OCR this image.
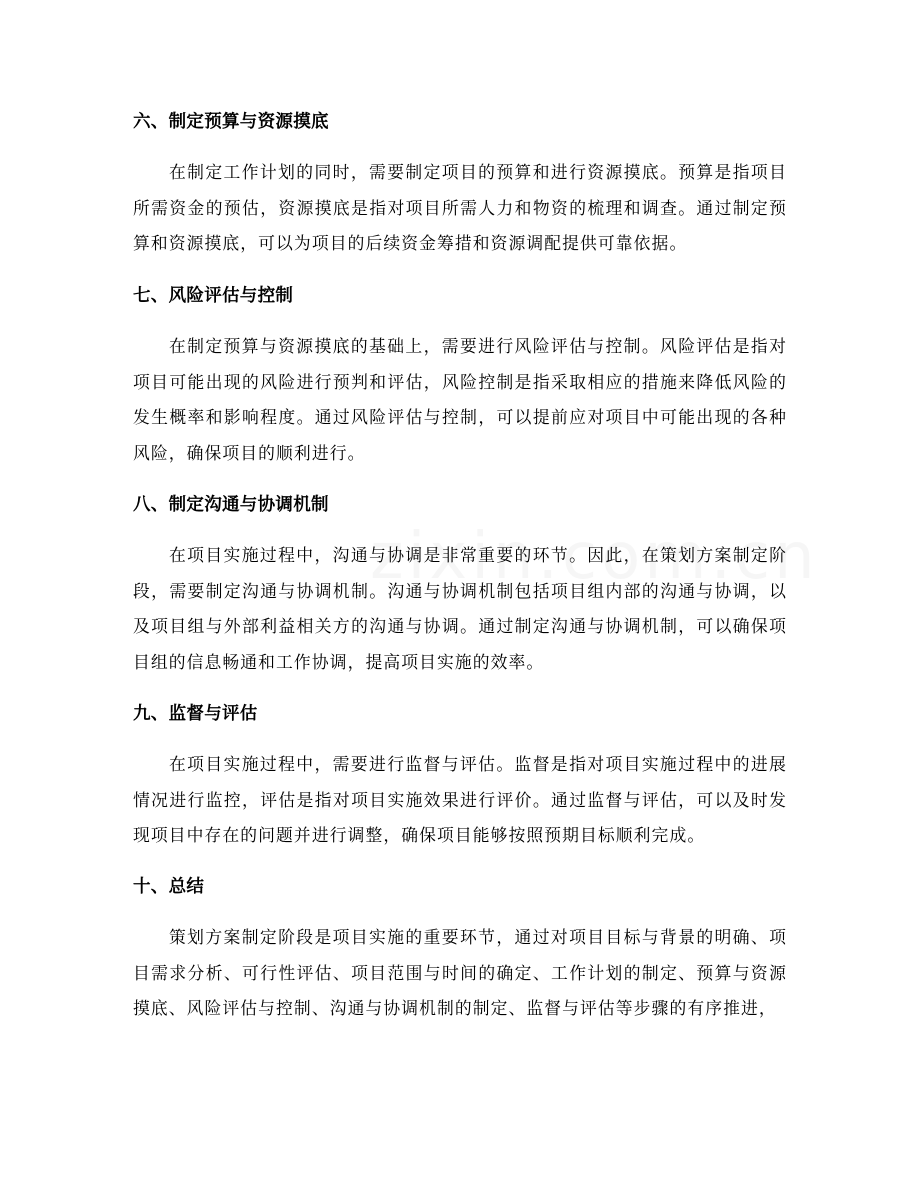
六、制定预算与资源摸底

在制定工作计划的同时，需要制定项目的预算和进行资源摸底。预算是指项目所需资金的预估，资源摸底是指对项目所需人力和物资的梳理和调查。通过制定预算和资源摸底，可以为项目的后续资金筹措和资源调配提供可靠依据。

七、风险评估与控制

在制定预算与资源摸底的基础上，需要进行风险评估与控制。风险评估是指对项目可能出现的风险进行预判和评估，风险控制是指采取相应的措施来降低风险的发生概率和影响程度。通过风险评估与控制，可以提前应对项目中可能出现的各种风险，确保项目的顺利进行。

八、制定沟通与协调机制

在项目实施过程中，沟通与协调是非常重要的环节。因此，在策划方案制定阶段，需要制定沟通与协调机制。沟通与协调机制包括项目组内部的沟通与协调，以及项目组与外部利益相关方的沟通与协调。通过制定沟通与协调机制，可以确保项目组的信息畅通和工作协调，提高项目实施的效率。

九、监督与评估

在项目实施过程中，需要进行监督与评估。监督是指对项目实施过程中的进展情况进行监控，评估是指对项目实施效果进行评价。通过监督与评估，可以及时发现项目中存在的问题并进行调整，确保项目能够按照预期目标顺利完成。

十、总结

策划方案制定阶段是项目实施的重要环节，通过对项目目标与背景的明确、项目需求分析、可行性评估、项目范围与时间的确定、工作计划的制定、预算与资源摸底、风险评估与控制、沟通与协调机制的制定、监督与评估等步骤的有序推进，
